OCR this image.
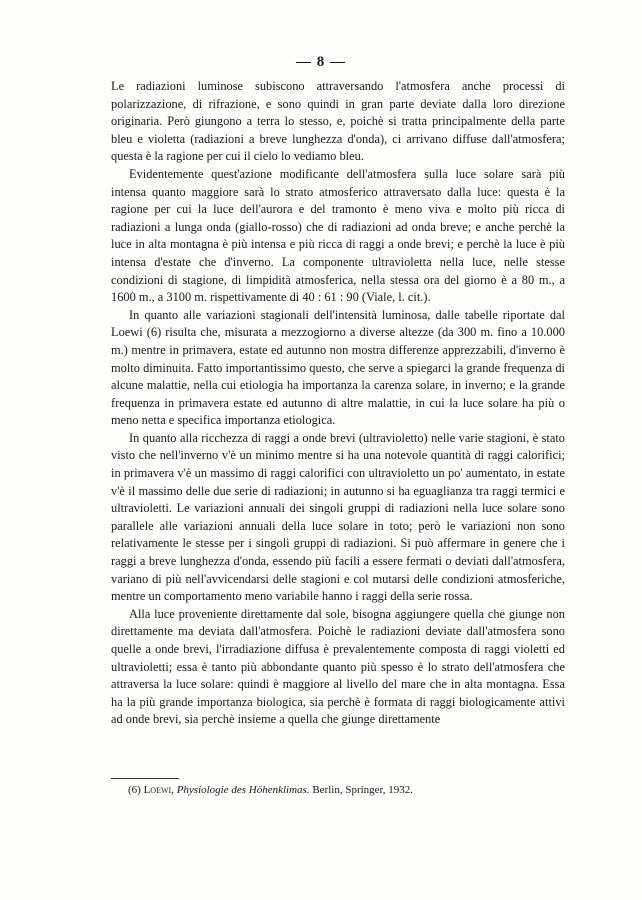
— 8 —

Le radiazioni luminose subiscono attraversando l'atmosfera anche processi di polarizzazione, di rifrazione, e sono quindi in gran parte deviate dalla loro direzione originaria. Però giungono a terra lo stesso, e, poichè si tratta principalmente della parte bleu e violetta (radiazioni a breve lunghezza d'onda), ci arrivano diffuse dall'atmosfera; questa è la ragione per cui il cielo lo vediamo bleu.

Evidentemente quest'azione modificante dell'atmosfera sulla luce solare sarà più intensa quanto maggiore sarà lo strato atmosferico attraversato dalla luce: questa è la ragione per cui la luce dell'aurora e del tramonto è meno viva e molto più ricca di radiazioni a lunga onda (giallo-rosso) che di radiazioni ad onda breve; e anche perchè la luce in alta montagna è più intensa e più ricca di raggi a onde brevi; e perchè la luce è più intensa d'estate che d'inverno. La componente ultravioletta nella luce, nelle stesse condizioni di stagione, di limpidità atmosferica, nella stessa ora del giorno è a 80 m., a 1600 m., a 3100 m. rispettivamente di 40 : 61 : 90 (Viale, l. cit.).

In quanto alle variazioni stagionali dell'intensità luminosa, dalle tabelle riportate dal Loewi (6) risulta che, misurata a mezzogiorno a diverse altezze (da 300 m. fino a 10.000 m.) mentre in primavera, estate ed autunno non mostra differenze apprezzabili, d'inverno è molto diminuita. Fatto importantissimo questo, che serve a spiegarci la grande frequenza di alcune malattie, nella cui etiologia ha importanza la carenza solare, in inverno; e la grande frequenza in primavera estate ed autunno di altre malattie, in cui la luce solare ha più o meno netta e specifica importanza etiologica.

In quanto alla ricchezza di raggi a onde brevi (ultravioletto) nelle varie stagioni, è stato visto che nell'inverno v'è un minimo mentre si ha una notevole quantità di raggi calorifici; in primavera v'è un massimo di raggi calorifici con ultravioletto un po' aumentato, in estate v'è il massimo delle due serie di radiazioni; in autunno si ha eguaglianza tra raggi termici e ultravioletti. Le variazioni annuali dei singoli gruppi di radiazioni nella luce solare sono parallele alle variazioni annuali della luce solare in toto; però le variazioni non sono relativamente le stesse per i singoli gruppi di radiazioni. Si può affermare in genere che i raggi a breve lunghezza d'onda, essendo più facili a essere fermati o deviati dall'atmosfera, variano di più nell'avvicendarsi delle stagioni e col mutarsi delle condizioni atmosferiche, mentre un comportamento meno variabile hanno i raggi della serie rossa.

Alla luce proveniente direttamente dal sole, bisogna aggiungere quella che giunge non direttamente ma deviata dall'atmosfera. Poichè le radiazioni deviate dall'atmosfera sono quelle a onde brevi, l'irradiazione diffusa è prevalentemente composta di raggi violetti ed ultravioletti; essa è tanto più abbondante quanto più spesso è lo strato dell'atmosfera che attraversa la luce solare: quindi è maggiore al livello del mare che in alta montagna. Essa ha la più grande importanza biologica, sia perchè è formata di raggi biologicamente attivi ad onde brevi, sia perchè insieme a quella che giunge direttamente

(6) Loewi, Physiologie des Höhenklimas. Berlin, Springer, 1932.
